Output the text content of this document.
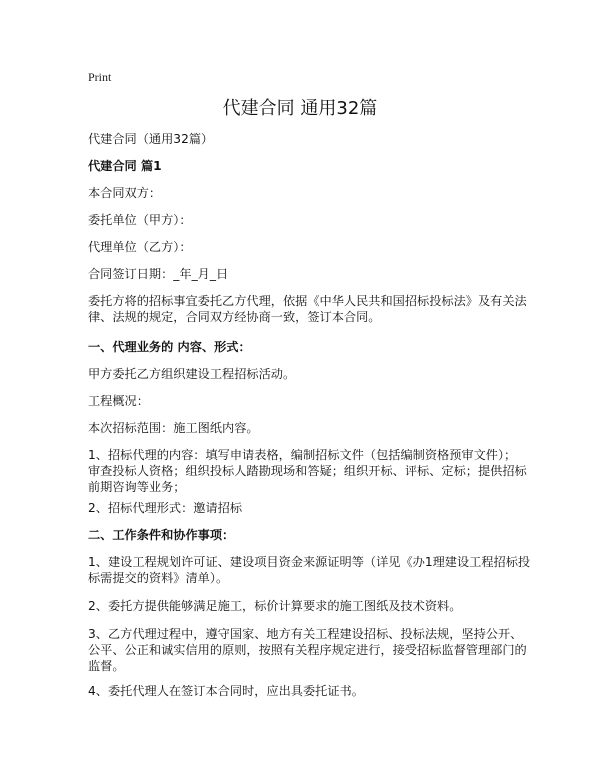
Print
代建合同 通用32篇
代建合同（通用32篇）
代建合同 篇1
本合同双方：
委托单位（甲方）：
代理单位（乙方）：
合同签订日期：_年_月_日
委托方将的招标事宜委托乙方代理，依据《中华人民共和国招标投标法》及有关法
律、法规的规定，合同双方经协商一致，签订本合同。
一、代理业务的 内容、形式：
甲方委托乙方组织建设工程招标活动。
工程概况：
本次招标范围：施工图纸内容。
1、招标代理的内容：填写申请表格，编制招标文件（包括编制资格预审文件）；
审查投标人资格；组织投标人踏勘现场和答疑；组织开标、评标、定标；提供招标
前期咨询等业务；
2、招标代理形式：邀请招标
二、工作条件和协作事项：
1、建设工程规划许可证、建设项目资金来源证明等（详见《办1理建设工程招标投
标需提交的资料》清单）。
2、委托方提供能够满足施工，标价计算要求的施工图纸及技术资料。
3、乙方代理过程中，遵守国家、地方有关工程建设招标、投标法规，坚持公开、
公平、公正和诚实信用的原则，按照有关程序规定进行，接受招标监督管理部门的
监督。
4、委托代理人在签订本合同时，应出具委托证书。
